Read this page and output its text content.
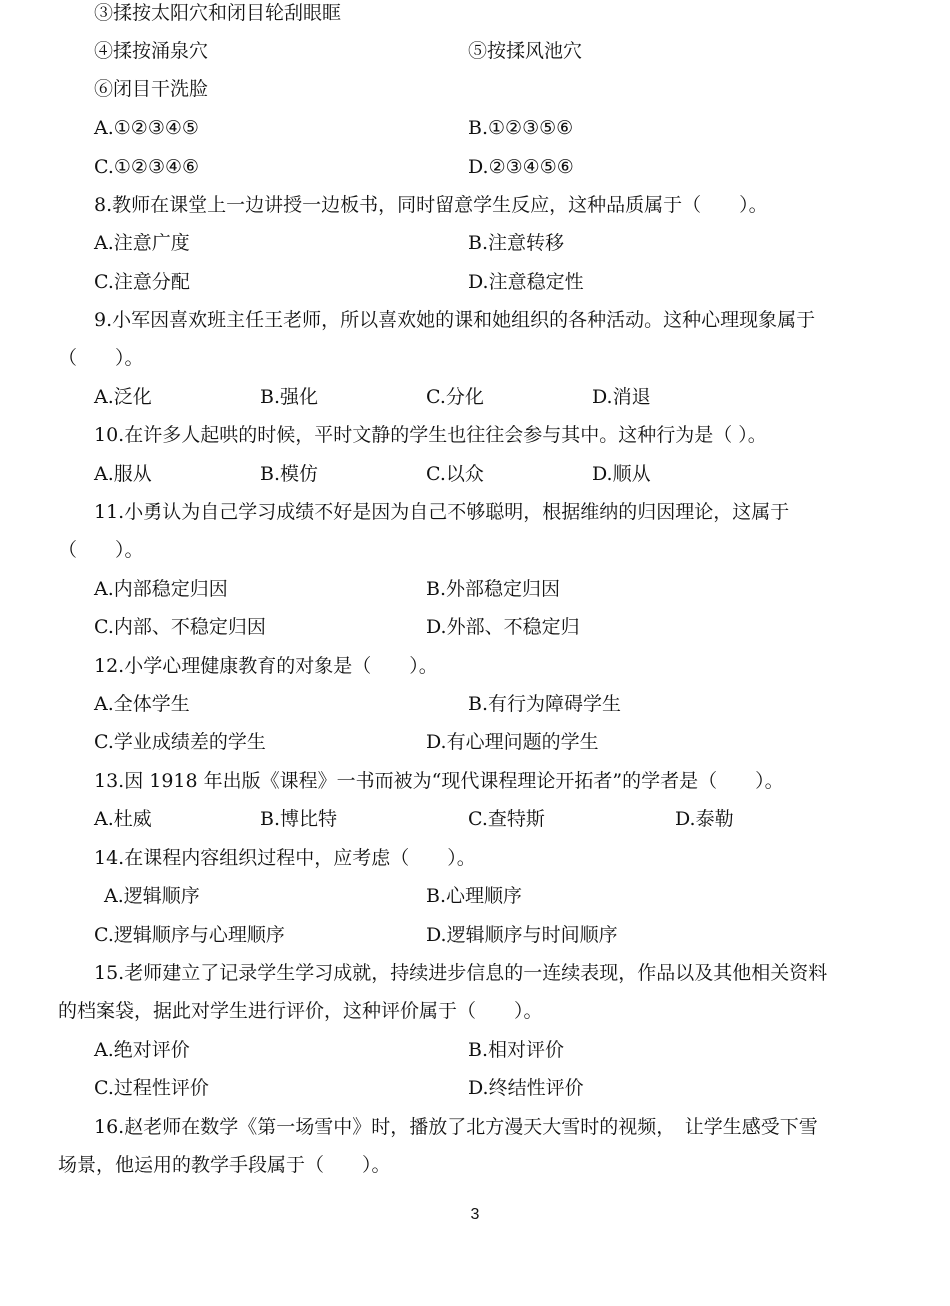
③揉按太阳穴和闭目轮刮眼眶
④揉按涌泉穴	⑤按揉风池穴
⑥闭目干洗脸
A.①②③④⑤	B.①②③⑤⑥
C.①②③④⑥	D.②③④⑤⑥
8.教师在课堂上一边讲授一边板书，同时留意学生反应，这种品质属于（　　）。
A.注意广度	B.注意转移
C.注意分配	D.注意稳定性
9.小军因喜欢班主任王老师，所以喜欢她的课和她组织的各种活动。这种心理现象属于
（　　）。
A.泛化	B.强化	C.分化	D.消退
10.在许多人起哄的时候，平时文静的学生也往往会参与其中。这种行为是（ ）。
A.服从	B.模仿	C.以众	D.顺从
11.小勇认为自己学习成绩不好是因为自己不够聪明，根据维纳的归因理论，这属于
（　　）。
A.内部稳定归因	B.外部稳定归因
C.内部、不稳定归因	D.外部、不稳定归
12.小学心理健康教育的对象是（　　）。
A.全体学生	B.有行为障碍学生
C.学业成绩差的学生	D.有心理问题的学生
13.因 1918 年出版《课程》一书而被为“现代课程理论开拓者”的学者是（　　）。
A.杜威	B.博比特	C.查特斯	D.泰勒
14.在课程内容组织过程中，应考虑（　　）。
A.逻辑顺序	B.心理顺序
C.逻辑顺序与心理顺序	D.逻辑顺序与时间顺序
15.老师建立了记录学生学习成就，持续进步信息的一连续表现，作品以及其他相关资料
的档案袋，据此对学生进行评价，这种评价属于（　　）。
A.绝对评价	B.相对评价
C.过程性评价	D.终结性评价
16.赵老师在数学《第一场雪中》时，播放了北方漫天大雪时的视频，　让学生感受下雪
场景，他运用的教学手段属于（　　）。
3
